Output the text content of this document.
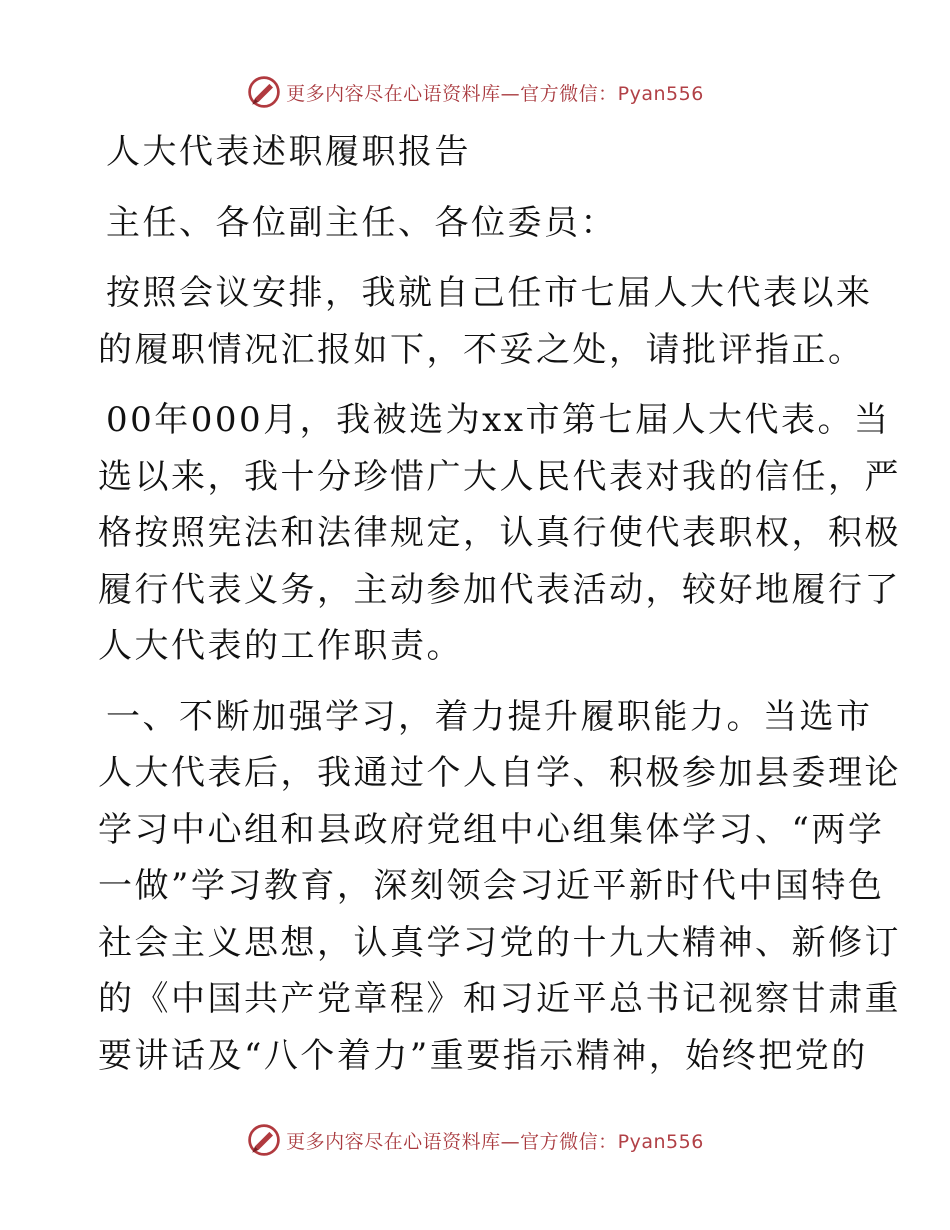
更多内容尽在心语资料库—官方微信：Pyan556
人大代表述职履职报告
主任、各位副主任、各位委员：
按照会议安排，我就自己任市七届人大代表以来
的履职情况汇报如下，不妥之处，请批评指正。
00年000月，我被选为xx市第七届人大代表。当
选以来，我十分珍惜广大人民代表对我的信任，严
格按照宪法和法律规定，认真行使代表职权，积极
履行代表义务，主动参加代表活动，较好地履行了
人大代表的工作职责。
一、不断加强学习，着力提升履职能力。当选市
人大代表后，我通过个人自学、积极参加县委理论
学习中心组和县政府党组中心组集体学习、“两学
一做”学习教育，深刻领会习近平新时代中国特色
社会主义思想，认真学习党的十九大精神、新修订
的《中国共产党章程》和习近平总书记视察甘肃重
要讲话及“八个着力”重要指示精神，始终把党的
更多内容尽在心语资料库—官方微信：Pyan556
